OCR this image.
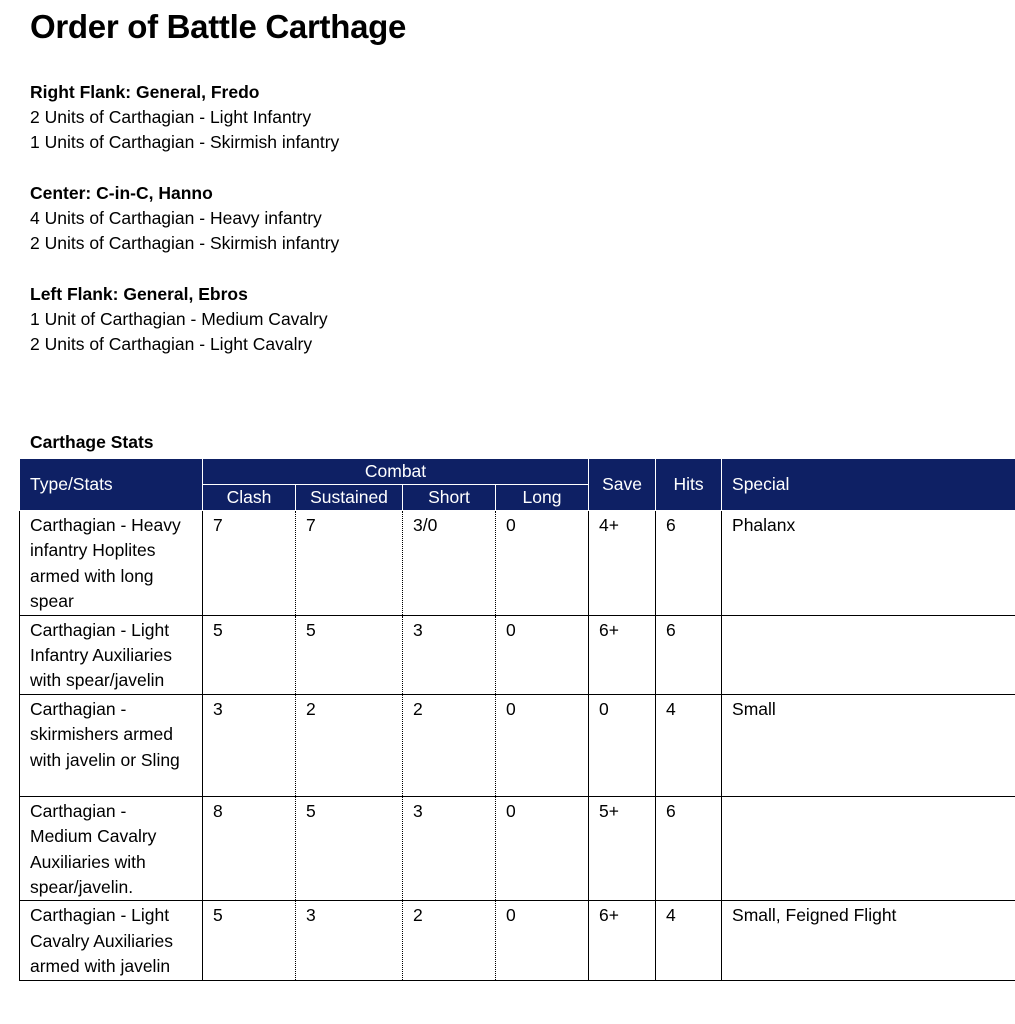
Order of Battle Carthage
Right Flank: General, Fredo
2 Units of Carthagian - Light Infantry
1 Units of Carthagian - Skirmish infantry
Center: C-in-C, Hanno
4 Units of Carthagian - Heavy infantry
2 Units of Carthagian - Skirmish infantry
Left Flank: General, Ebros
1 Unit of Carthagian - Medium Cavalry
2 Units of Carthagian - Light Cavalry
Carthage Stats
Type/Stats	Combat				Save	Hits	Special
	Clash	Sustained	Short	Long			
Carthagian - Heavy infantry Hoplites armed with long spear	7	7	3/0	0	4+	6	Phalanx
Carthagian - Light Infantry Auxiliaries with spear/javelin	5	5	3	0	6+	6	
Carthagian - skirmishers armed with javelin or Sling	3	2	2	0	0	4	Small
Carthagian - Medium Cavalry Auxiliaries with spear/javelin.	8	5	3	0	5+	6	
Carthagian - Light Cavalry Auxiliaries armed with javelin	5	3	2	0	6+	4	Small, Feigned Flight
